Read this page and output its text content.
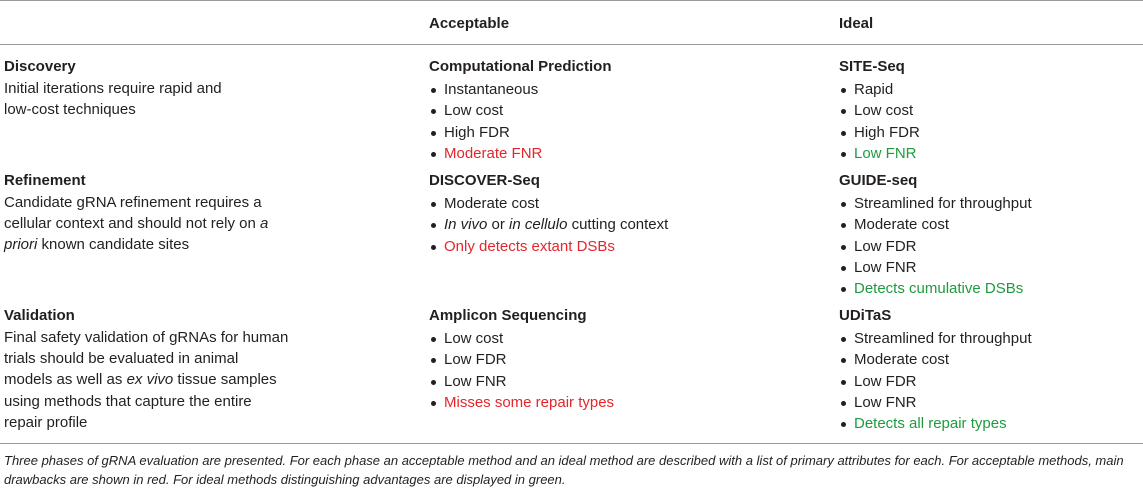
Acceptable	Ideal
Discovery
Initial iterations require rapid and
low-cost techniques
Computational Prediction
Instantaneous
Low cost
High FDR
Moderate FNR
SITE-Seq
Rapid
Low cost
High FDR
Low FNR
Refinement
Candidate gRNA refinement requires a
cellular context and should not rely on a
priori known candidate sites
DISCOVER-Seq
Moderate cost
In vivo or in cellulo cutting context
Only detects extant DSBs
GUIDE-seq
Streamlined for throughput
Moderate cost
Low FDR
Low FNR
Detects cumulative DSBs
Validation
Final safety validation of gRNAs for human
trials should be evaluated in animal
models as well as ex vivo tissue samples
using methods that capture the entire
repair profile
Amplicon Sequencing
Low cost
Low FDR
Low FNR
Misses some repair types
UDiTaS
Streamlined for throughput
Moderate cost
Low FDR
Low FNR
Detects all repair types
Three phases of gRNA evaluation are presented. For each phase an acceptable method and an ideal method are described with a list of primary attributes for each. For acceptable methods, main drawbacks are shown in red. For ideal methods distinguishing advantages are displayed in green.
